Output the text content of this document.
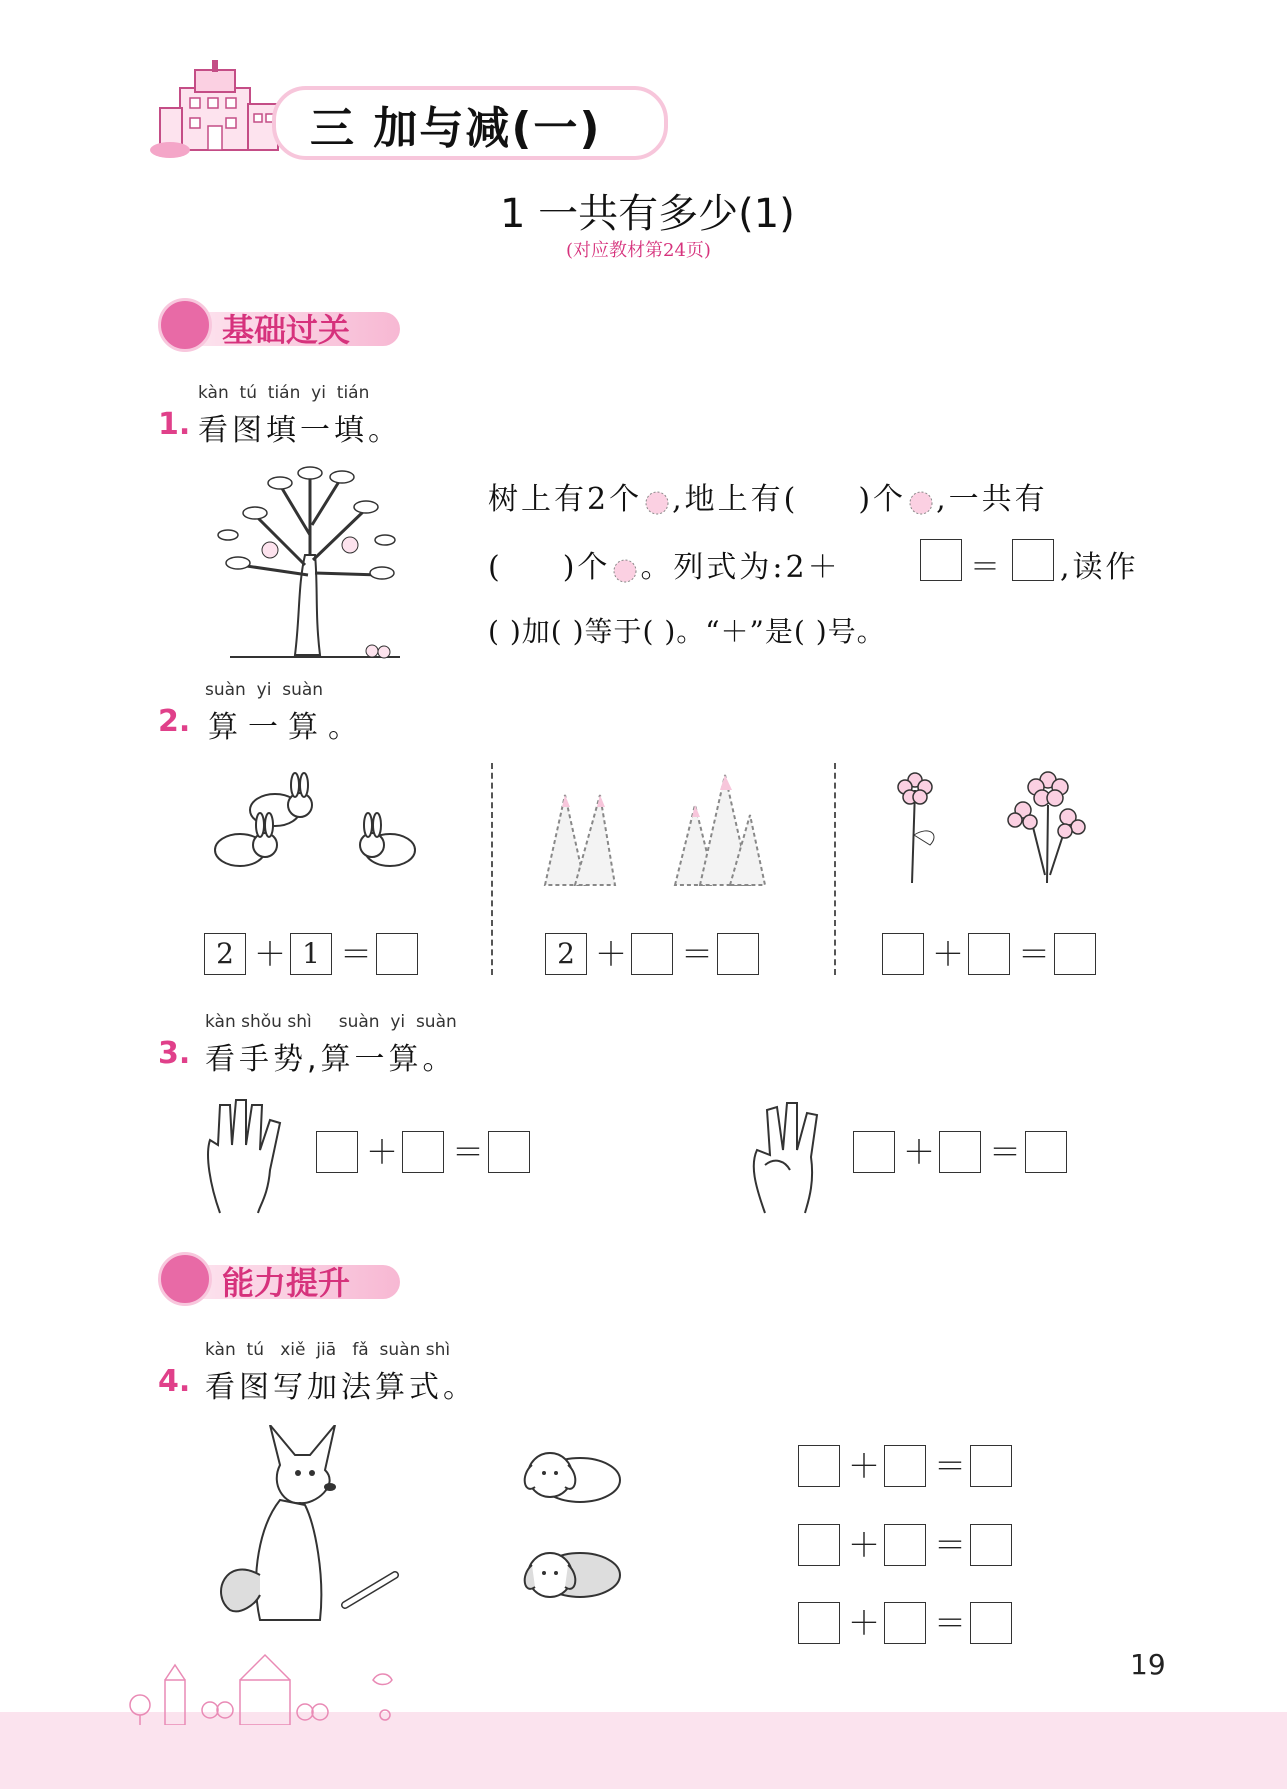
三 加与减(一)
1 一共有多少(1)
(对应教材第24页)
基础过关
kàn  tú  tián  yi  tián
1. 看图填一填。
树上有2个 ,地上有( )个 ,一共有
( )个 。列式为:2＋	＝ ,读作
( )加( )等于( )。“＋”是( )号。
suàn  yi  suàn
2. 算一算。
2 ＋ 1 ＝	2 ＋ ＝	＋ ＝
kàn shǒu shì     suàn  yi  suàn
3. 看手势,算一算。
＋ ＝	＋ ＝
能力提升
kàn  tú   xiě  jiā   fǎ  suàn shì
4. 看图写加法算式。
＋ ＝
＋ ＝
＋ ＝
19
